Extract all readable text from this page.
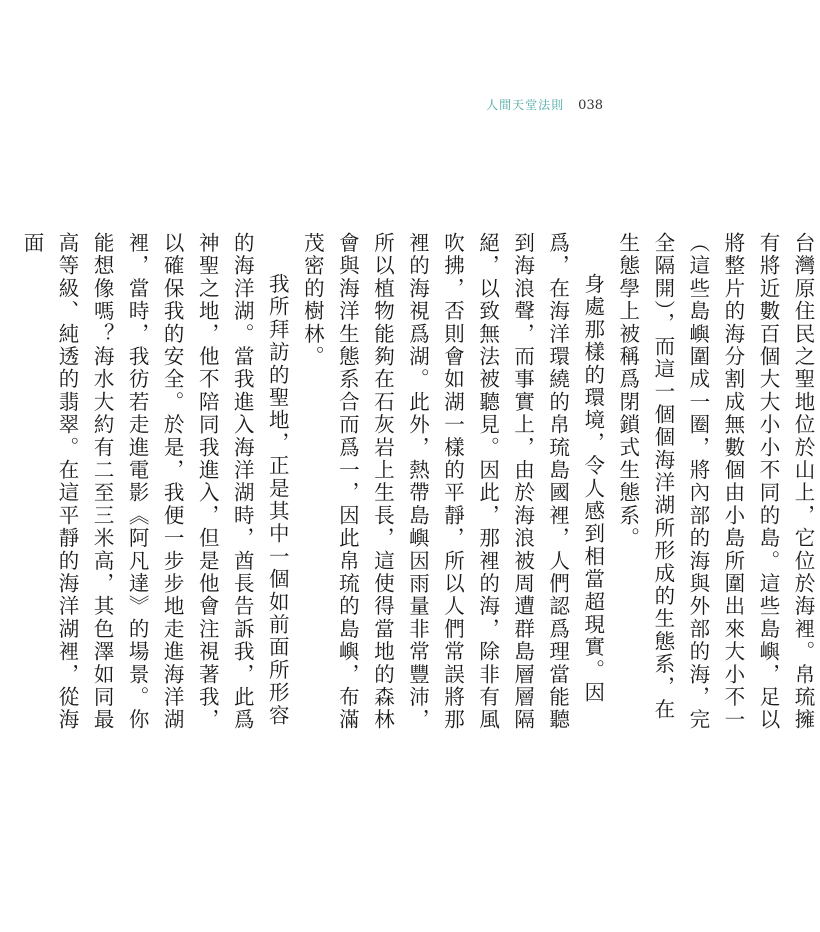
人間天堂法則 038

台灣原住民之聖地位於山上，它位於海裡。帛琉擁有將近數百個大大小小不同的島。這些島嶼，足以將整片的海分割成無數個由小島所圍出來大小不一（這些島嶼圍成一圈，將內部的海與外部的海，完全隔開），而這一個個海洋湖所形成的生態系，在生態學上被稱爲閉鎖式生態系。

身處那樣的環境，令人感到相當超現實。因爲，在海洋環繞的帛琉島國裡，人們認爲理當能聽到海浪聲，而事實上，由於海浪被周遭群島層層隔絕，以致無法被聽見。因此，那裡的海，除非有風吹拂，否則會如湖一樣的平靜，所以人們常誤將那裡的海視爲湖。此外，熱帶島嶼因雨量非常豐沛，所以植物能夠在石灰岩上生長，這使得當地的森林會與海洋生態系合而爲一，因此帛琉的島嶼，布滿茂密的樹林。

我所拜訪的聖地，正是其中一個如前面所形容的海洋湖。當我進入海洋湖時，酋長告訴我，此爲神聖之地，他不陪同我進入，但是他會注視著我，以確保我的安全。於是，我便一步步地走進海洋湖裡，當時，我彷若走進電影《阿凡達》的場景。你能想像嗎？海水大約有二至三米高，其色澤如同最高等級、純透的翡翠。在這平靜的海洋湖裡，從海面
